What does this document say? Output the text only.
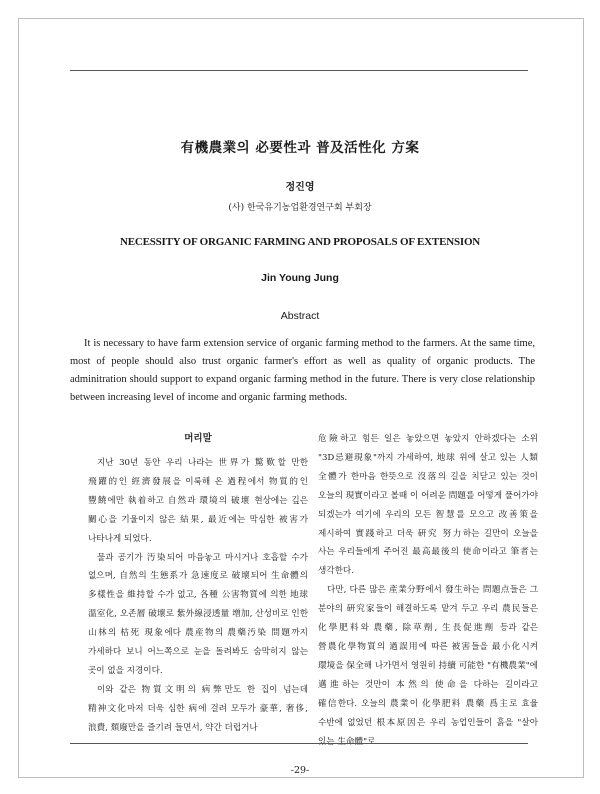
有機農業의 必要性과 普及活性化 方案
정진영
(사) 한국유기농업환경연구회 부회장
NECESSITY OF ORGANIC FARMING AND PROPOSALS OF EXTENSION
Jin Young Jung
Abstract

It is necessary to have farm extension service of organic farming method to the farmers. At the same time, most of people should also trust organic farmer's effort as well as quality of organic products. The adminitration should support to expand organic farming method in the future. There is very close relationship between increasing level of income and organic farming methods.

머리말

지난 30년 동안 우리 나라는 世界가 驚歎할 만한 飛躍的인 經濟發展을 이룩해 온 過程에서 物質的인 豐饒에만 執着하고 自然과 環境의 破壞 현상에는 깊은 關心을 기울이지 않은 結果, 最近에는 막심한 被害가 나타나게 되었다.

물과 공기가 汚染되어 마음놓고 마시거나 호흡할 수가 없으며, 自然의 生態系가 急速度로 破壞되어 生命體의 多樣性을 維持할 수가 없고, 各種 公害物質에 의한 地球 溫室化, 오존層 破壞로 紫外線浸透量 增加, 산성비로 인한 山林의 枯死 現象에다 農産物의 農藥汚染 問題까지 가세하다 보니 어느쪽으로 눈을 돌려봐도 숨막히지 않는 곳이 없을 지경이다.

이와 같은 物質文明의 病弊만도 한 집이 넘는데 精神文化마저 더욱 심한 病에 걸려 모두가 豪華, 奢侈, 浪費, 頹廢만을 즐기려 들면서, 약간 더럽거나

危險하고 힘든 일은 놓았으면 놓았지 안하겠다는 소위 "3D忌避現象"까지 가세하여, 地球 위에 살고 있는 人類 全體가 한마음 한뜻으로 沒落의 길을 치닫고 있는 것이 오늘의 現實이라고 볼때 이 어려운 問題를 어떻게 풀어가야 되겠는가 여기에 우리의 모든 智慧를 모으고 改善策을 제시하여 實踐하고 더욱 硏究 努力하는 길만이 오늘을 사는 우리들에게 주어진 最高最後의 使命이라고 筆者는 생각한다.

다만, 다른 많은 產業分野에서 發生하는 問題点들은 그 분야의 硏究家들이 해결하도록 맡겨 두고 우리 農民들은 化學肥料와 農藥, 除草劑, 生長促進劑 등과 같은 營農化學物質의 過誤用에 따른 被害들을 最小化시켜 環境을 保全해 나가면서 영원히 持續 可能한 "有機農業"에 邁進하는 것만이 本然의 使命을 다하는 길이라고 確信한다. 오늘의 農業이 化學肥料 農藥 爲主로 효율 수반에 없었던 根本原因은 우리 농업인들이 흙을 "살아 있는 生命體"로

-29-
